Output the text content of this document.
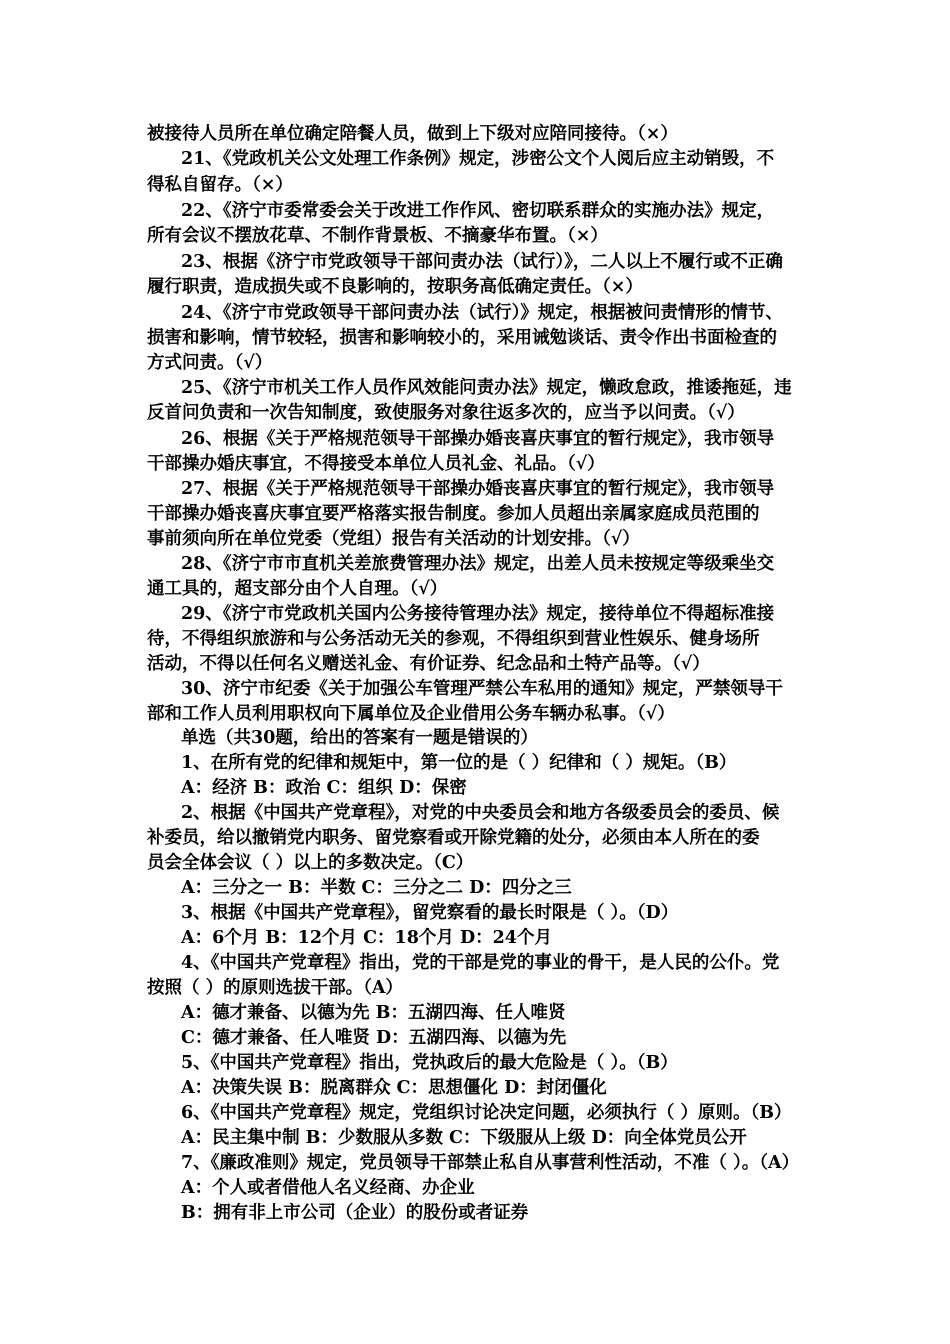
被接待人员所在单位确定陪餐人员，做到上下级对应陪同接待。（×）
21、《党政机关公文处理工作条例》规定，涉密公文个人阅后应主动销毁，不
得私自留存。（×）
22、《济宁市委常委会关于改进工作作风、密切联系群众的实施办法》规定，
所有会议不摆放花草、不制作背景板、不摘豪华布置。（×）
23、根据《济宁市党政领导干部问责办法（试行）》，二人以上不履行或不正确
履行职责，造成损失或不良影响的，按职务高低确定责任。（×）
24、《济宁市党政领导干部问责办法（试行）》规定，根据被问责情形的情节、
损害和影响，情节较轻，损害和影响较小的，采用诫勉谈话、责令作出书面检查的
方式问责。（√）
25、《济宁市机关工作人员作风效能问责办法》规定，懒政怠政，推诿拖延，违
反首问负责和一次告知制度，致使服务对象往返多次的，应当予以问责。（√）
26、根据《关于严格规范领导干部操办婚丧喜庆事宜的暂行规定》，我市领导
干部操办婚庆事宜，不得接受本单位人员礼金、礼品。（√）
27、根据《关于严格规范领导干部操办婚丧喜庆事宜的暂行规定》，我市领导
干部操办婚丧喜庆事宜要严格落实报告制度。参加人员超出亲属家庭成员范围的
事前须向所在单位党委（党组）报告有关活动的计划安排。（√）
28、《济宁市市直机关差旅费管理办法》规定，出差人员未按规定等级乘坐交
通工具的，超支部分由个人自理。（√）
29、《济宁市党政机关国内公务接待管理办法》规定，接待单位不得超标准接
待，不得组织旅游和与公务活动无关的参观，不得组织到营业性娱乐、健身场所
活动，不得以任何名义赠送礼金、有价证券、纪念品和土特产品等。（√）
30、济宁市纪委《关于加强公车管理严禁公车私用的通知》规定，严禁领导干
部和工作人员利用职权向下属单位及企业借用公务车辆办私事。（√）
单选（共30题，给出的答案有一题是错误的）
1、在所有党的纪律和规矩中，第一位的是（ ）纪律和（ ）规矩。（B）
A：经济 B：政治 C：组织 D：保密
2、根据《中国共产党章程》，对党的中央委员会和地方各级委员会的委员、候
补委员，给以撤销党内职务、留党察看或开除党籍的处分，必须由本人所在的委
员会全体会议（ ）以上的多数决定。（C）
A：三分之一 B：半数 C：三分之二 D：四分之三
3、根据《中国共产党章程》，留党察看的最长时限是（ ）。（D）
A：6个月 B：12个月 C：18个月 D：24个月
4、《中国共产党章程》指出，党的干部是党的事业的骨干，是人民的公仆。党
按照（ ）的原则选拔干部。（A）
A：德才兼备、以德为先 B：五湖四海、任人唯贤
C：德才兼备、任人唯贤 D：五湖四海、以德为先
5、《中国共产党章程》指出，党执政后的最大危险是（ ）。（B）
A：决策失误 B：脱离群众 C：思想僵化 D：封闭僵化
6、《中国共产党章程》规定，党组织讨论决定问题，必须执行（ ）原则。（B）
A：民主集中制 B：少数服从多数 C：下级服从上级 D：向全体党员公开
7、《廉政准则》规定，党员领导干部禁止私自从事营利性活动，不准（ ）。（A）
A：个人或者借他人名义经商、办企业
B：拥有非上市公司（企业）的股份或者证券
